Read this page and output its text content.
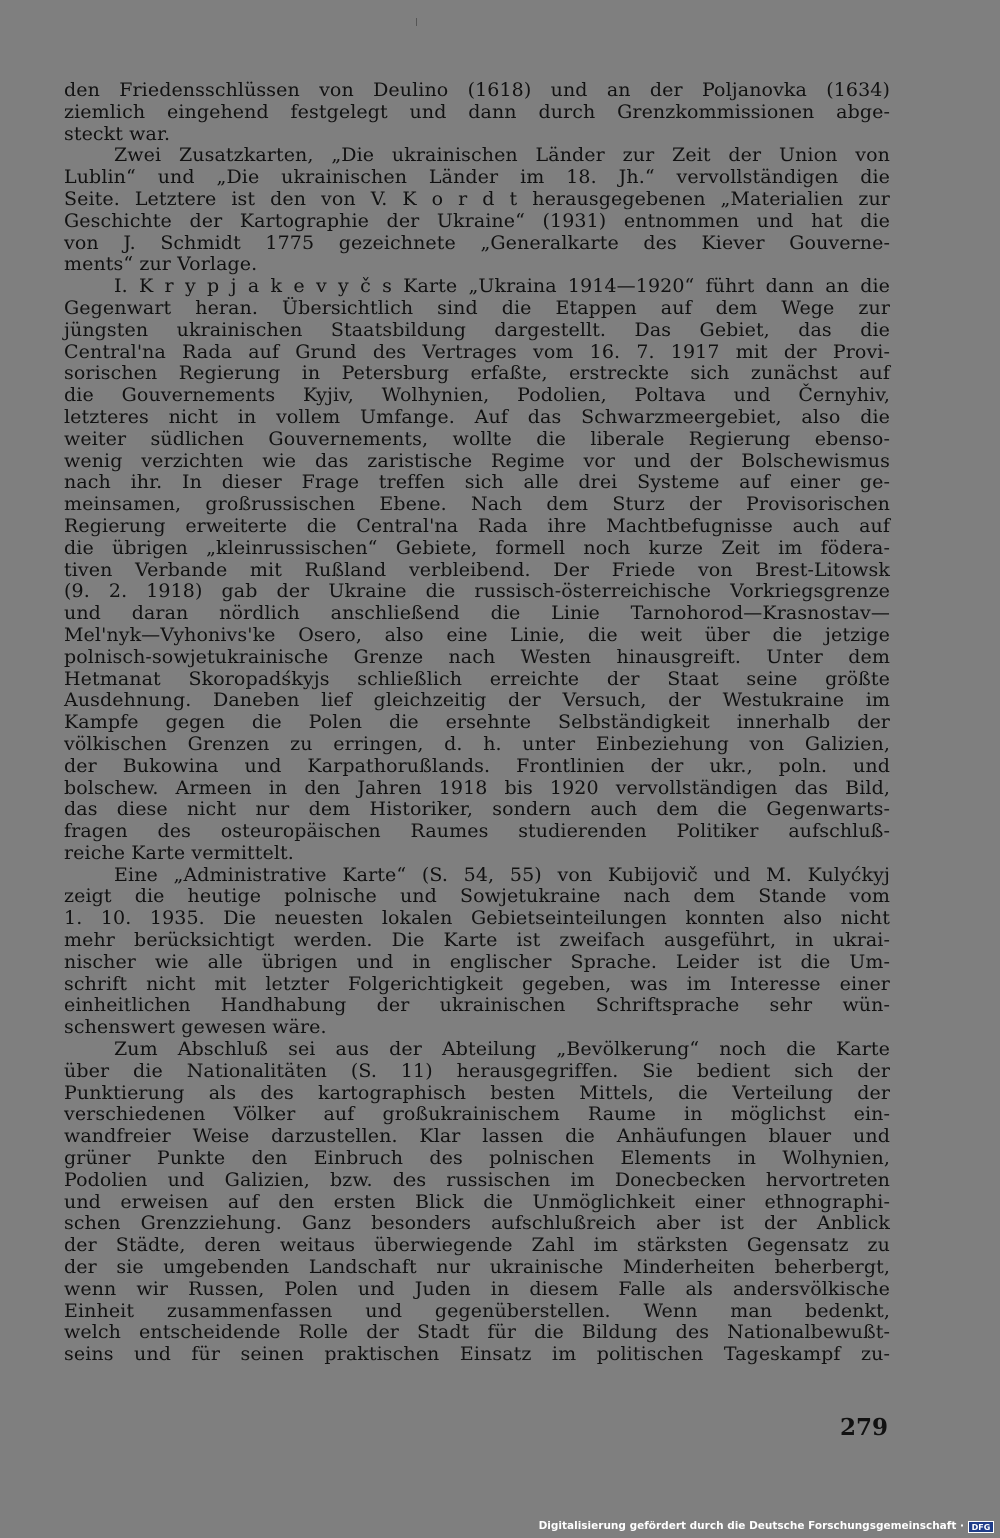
den Friedensschlüssen von Deulino (1618) und an der Poljanovka (1634)
ziemlich eingehend festgelegt und dann durch Grenzkommissionen abge-
steckt war.
Zwei Zusatzkarten, „Die ukrainischen Länder zur Zeit der Union von
Lublin“ und „Die ukrainischen Länder im 18. Jh.“ vervollständigen die
Seite. Letztere ist den von V. K o r d t herausgegebenen „Materialien zur
Geschichte der Kartographie der Ukraine“ (1931) entnommen und hat die
von J. Schmidt 1775 gezeichnete „Generalkarte des Kiever Gouverne-
ments“ zur Vorlage.
I. K r y p j a k e v y č s Karte „Ukraina 1914—1920“ führt dann an die
Gegenwart heran. Übersichtlich sind die Etappen auf dem Wege zur
jüngsten ukrainischen Staatsbildung dargestellt. Das Gebiet, das die
Central'na Rada auf Grund des Vertrages vom 16. 7. 1917 mit der Provi-
sorischen Regierung in Petersburg erfaßte, erstreckte sich zunächst auf
die Gouvernements Kyjiv, Wolhynien, Podolien, Poltava und Černyhiv,
letzteres nicht in vollem Umfange. Auf das Schwarzmeergebiet, also die
weiter südlichen Gouvernements, wollte die liberale Regierung ebenso-
wenig verzichten wie das zaristische Regime vor und der Bolschewismus
nach ihr. In dieser Frage treffen sich alle drei Systeme auf einer ge-
meinsamen, großrussischen Ebene. Nach dem Sturz der Provisorischen
Regierung erweiterte die Central'na Rada ihre Machtbefugnisse auch auf
die übrigen „kleinrussischen“ Gebiete, formell noch kurze Zeit im födera-
tiven Verbande mit Rußland verbleibend. Der Friede von Brest-Litowsk
(9. 2. 1918) gab der Ukraine die russisch-österreichische Vorkriegsgrenze
und daran nördlich anschließend die Linie Tarnohorod—Krasnostav—
Mel'nyk—Vyhonivs'ke Osero, also eine Linie, die weit über die jetzige
polnisch-sowjetukrainische Grenze nach Westen hinausgreift. Unter dem
Hetmanat Skoropadśkyjs schließlich erreichte der Staat seine größte
Ausdehnung. Daneben lief gleichzeitig der Versuch, der Westukraine im
Kampfe gegen die Polen die ersehnte Selbständigkeit innerhalb der
völkischen Grenzen zu erringen, d. h. unter Einbeziehung von Galizien,
der Bukowina und Karpathorußlands. Frontlinien der ukr., poln. und
bolschew. Armeen in den Jahren 1918 bis 1920 vervollständigen das Bild,
das diese nicht nur dem Historiker, sondern auch dem die Gegenwarts-
fragen des osteuropäischen Raumes studierenden Politiker aufschluß-
reiche Karte vermittelt.
Eine „Administrative Karte“ (S. 54, 55) von Kubijovič und M. Kulyćkyj
zeigt die heutige polnische und Sowjetukraine nach dem Stande vom
1. 10. 1935. Die neuesten lokalen Gebietseinteilungen konnten also nicht
mehr berücksichtigt werden. Die Karte ist zweifach ausgeführt, in ukrai-
nischer wie alle übrigen und in englischer Sprache. Leider ist die Um-
schrift nicht mit letzter Folgerichtigkeit gegeben, was im Interesse einer
einheitlichen Handhabung der ukrainischen Schriftsprache sehr wün-
schenswert gewesen wäre.
Zum Abschluß sei aus der Abteilung „Bevölkerung“ noch die Karte
über die Nationalitäten (S. 11) herausgegriffen. Sie bedient sich der
Punktierung als des kartographisch besten Mittels, die Verteilung der
verschiedenen Völker auf großukrainischem Raume in möglichst ein-
wandfreier Weise darzustellen. Klar lassen die Anhäufungen blauer und
grüner Punkte den Einbruch des polnischen Elements in Wolhynien,
Podolien und Galizien, bzw. des russischen im Donecbecken hervortreten
und erweisen auf den ersten Blick die Unmöglichkeit einer ethnographi-
schen Grenzziehung. Ganz besonders aufschlußreich aber ist der Anblick
der Städte, deren weitaus überwiegende Zahl im stärksten Gegensatz zu
der sie umgebenden Landschaft nur ukrainische Minderheiten beherbergt,
wenn wir Russen, Polen und Juden in diesem Falle als andersvölkische
Einheit zusammenfassen und gegenüberstellen. Wenn man bedenkt,
welch entscheidende Rolle der Stadt für die Bildung des Nationalbewußt-
seins und für seinen praktischen Einsatz im politischen Tageskampf zu-
279
Digitalisierung gefördert durch die Deutsche Forschungsgemeinschaft · DFG
